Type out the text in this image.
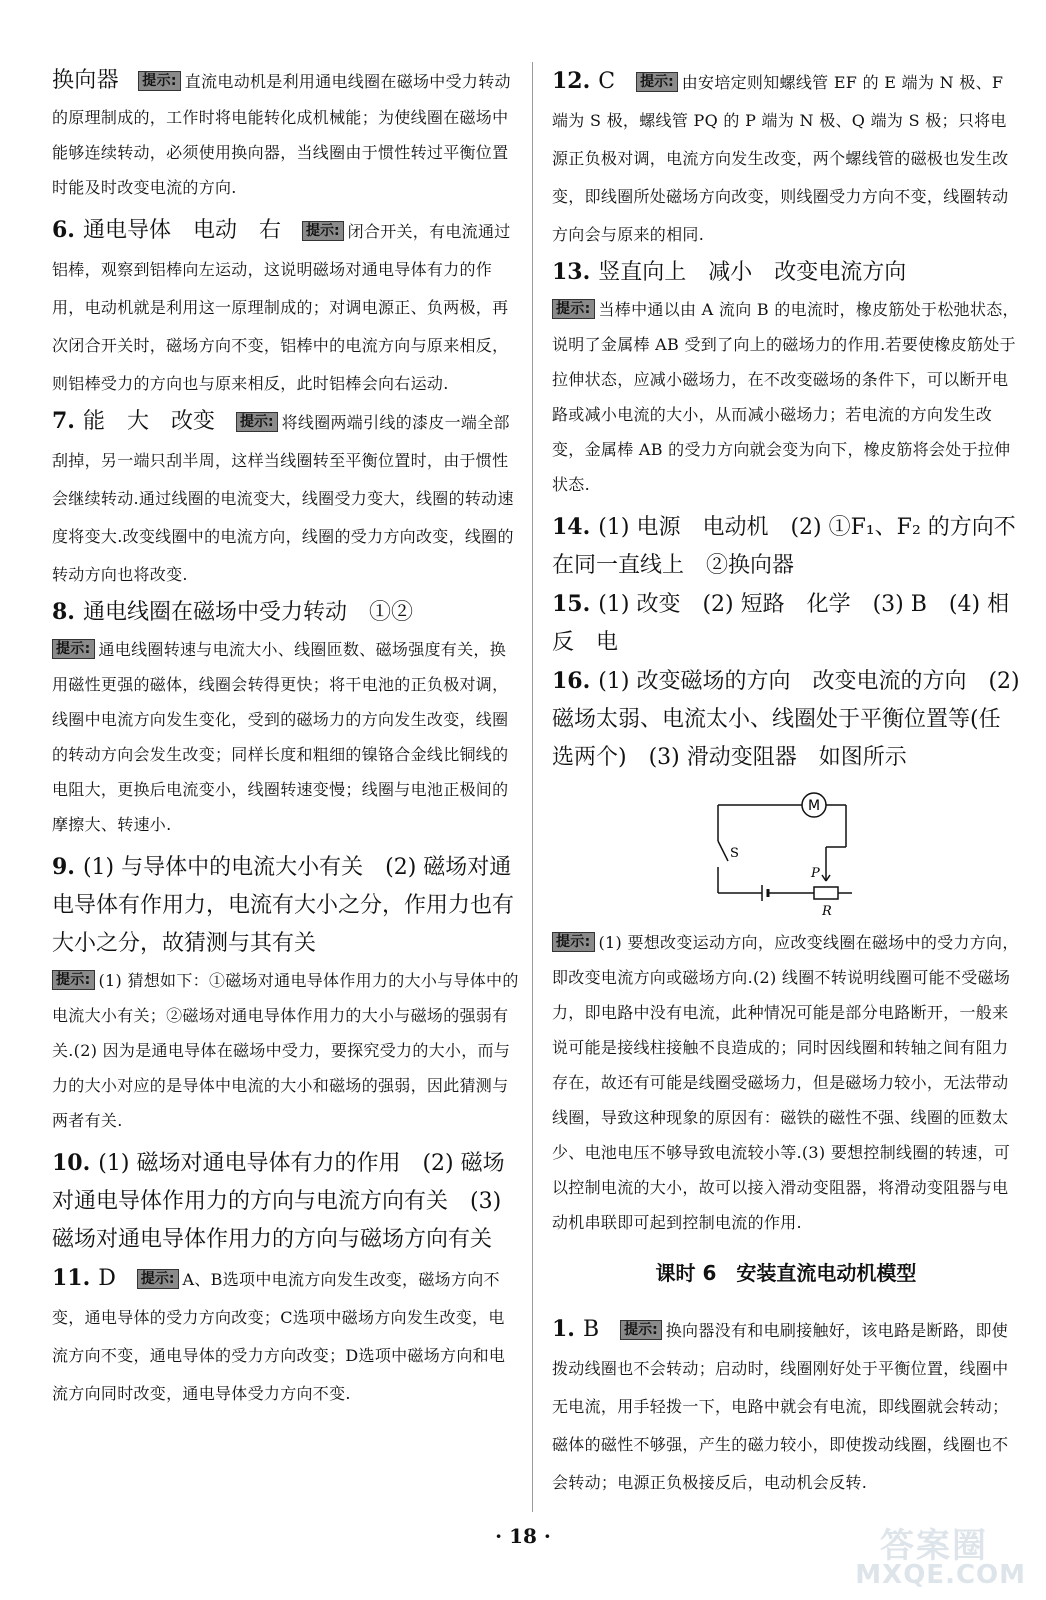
换向器 提示: 直流电动机是利用通电线圈在磁场中受力转动的原理制成的，工作时将电能转化成机械能；为使线圈在磁场中能够连续转动，必须使用换向器，当线圈由于惯性转过平衡位置时能及时改变电流的方向.

6. 通电导体　电动　右 提示: 闭合开关，有电流通过铝棒，观察到铝棒向左运动，这说明磁场对通电导体有力的作用，电动机就是利用这一原理制成的；对调电源正、负两极，再次闭合开关时，磁场方向不变，铝棒中的电流方向与原来相反，则铝棒受力的方向也与原来相反，此时铝棒会向右运动.

7. 能　大　改变 提示: 将线圈两端引线的漆皮一端全部刮掉，另一端只刮半周，这样当线圈转至平衡位置时，由于惯性会继续转动.通过线圈的电流变大，线圈受力变大，线圈的转动速度将变大.改变线圈中的电流方向，线圈的受力方向改变，线圈的转动方向也将改变.

8. 通电线圈在磁场中受力转动　①②

提示: 通电线圈转速与电流大小、线圈匝数、磁场强度有关，换用磁性更强的磁体，线圈会转得更快；将干电池的正负极对调，线圈中电流方向发生变化，受到的磁场力的方向发生改变，线圈的转动方向会发生改变；同样长度和粗细的镍铬合金线比铜线的电阻大，更换后电流变小，线圈转速变慢；线圈与电池正极间的摩擦大、转速小.

9. (1) 与导体中的电流大小有关　(2) 磁场对通电导体有作用力，电流有大小之分，作用力也有大小之分，故猜测与其有关

提示: (1) 猜想如下：①磁场对通电导体作用力的大小与导体中的电流大小有关；②磁场对通电导体作用力的大小与磁场的强弱有关.(2) 因为是通电导体在磁场中受力，要探究受力的大小，而与力的大小对应的是导体中电流的大小和磁场的强弱，因此猜测与两者有关.

10. (1) 磁场对通电导体有力的作用　(2) 磁场对通电导体作用力的方向与电流方向有关　(3) 磁场对通电导体作用力的方向与磁场方向有关

11. D 提示: A、B选项中电流方向发生改变，磁场方向不变，通电导体的受力方向改变；C选项中磁场方向发生改变，电流方向不变，通电导体的受力方向改变；D选项中磁场方向和电流方向同时改变，通电导体受力方向不变.

12. C 提示: 由安培定则知螺线管 EF 的 E 端为 N 极、F 端为 S 极，螺线管 PQ 的 P 端为 N 极、Q 端为 S 极；只将电源正负极对调，电流方向发生改变，两个螺线管的磁极也发生改变，即线圈所处磁场方向改变，则线圈受力方向不变，线圈转动方向会与原来的相同.

13. 竖直向上　减小　改变电流方向

提示: 当棒中通以由 A 流向 B 的电流时，橡皮筋处于松弛状态，说明了金属棒 AB 受到了向上的磁场力的作用.若要使橡皮筋处于拉伸状态，应减小磁场力，在不改变磁场的条件下，可以断开电路或减小电流的大小，从而减小磁场力；若电流的方向发生改变，金属棒 AB 的受力方向就会变为向下，橡皮筋将会处于拉伸状态.

14. (1) 电源　电动机　(2) ①F₁、F₂ 的方向不在同一直线上　②换向器

15. (1) 改变　(2) 短路　化学　(3) B　(4) 相反　电

16. (1) 改变磁场的方向　改变电流的方向　(2) 磁场太弱、电流太小、线圈处于平衡位置等(任选两个)　(3) 滑动变阻器　如图所示

M
S
P
R

提示: (1) 要想改变运动方向，应改变线圈在磁场中的受力方向，即改变电流方向或磁场方向.(2) 线圈不转说明线圈可能不受磁场力，即电路中没有电流，此种情况可能是部分电路断开，一般来说可能是接线柱接触不良造成的；同时因线圈和转轴之间有阻力存在，故还有可能是线圈受磁场力，但是磁场力较小，无法带动线圈，导致这种现象的原因有：磁铁的磁性不强、线圈的匝数太少、电池电压不够导致电流较小等.(3) 要想控制线圈的转速，可以控制电流的大小，故可以接入滑动变阻器，将滑动变阻器与电动机串联即可起到控制电流的作用.

课时 6　安装直流电动机模型

1. B 提示: 换向器没有和电刷接触好，该电路是断路，即使拨动线圈也不会转动；启动时，线圈刚好处于平衡位置，线圈中无电流，用手轻拨一下，电路中就会有电流，即线圈就会转动；磁体的磁性不够强，产生的磁力较小，即使拨动线圈，线圈也不会转动；电源正负极接反后，电动机会反转.

· 18 ·	答案圈
MXQE.COM
